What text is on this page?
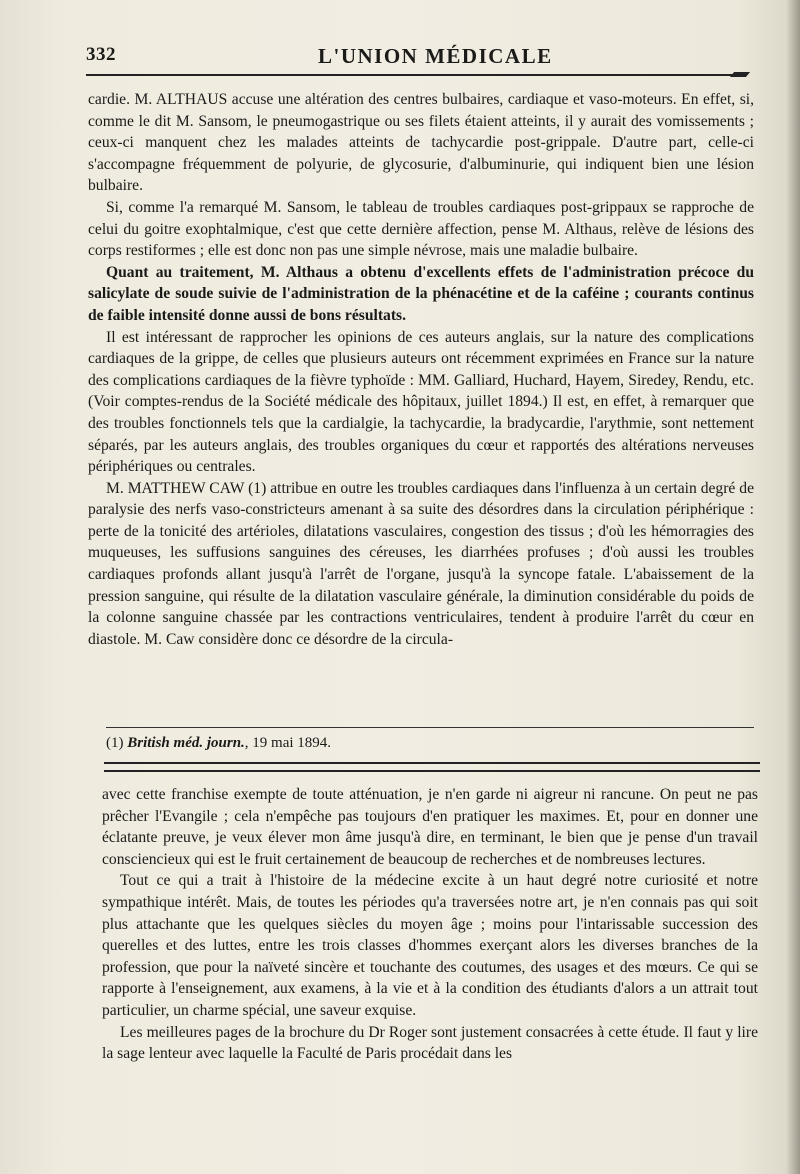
332	L'UNION MÉDICALE

cardie. M. ALTHAUS accuse une altération des centres bulbaires, cardiaque et vaso-moteurs. En effet, si, comme le dit M. Sansom, le pneumogastrique ou ses filets étaient atteints, il y aurait des vomissements ; ceux-ci manquent chez les malades atteints de tachycardie post-grippale. D'autre part, celle-ci s'accompagne fréquemment de polyurie, de glycosurie, d'albuminurie, qui indiquent bien une lésion bulbaire.

Si, comme l'a remarqué M. Sansom, le tableau de troubles cardiaques post-grippaux se rapproche de celui du goitre exophtalmique, c'est que cette dernière affection, pense M. Althaus, relève de lésions des corps restiformes ; elle est donc non pas une simple névrose, mais une maladie bulbaire.

Quant au traitement, M. Althaus a obtenu d'excellents effets de l'administration précoce du salicylate de soude suivie de l'administration de la phénacétine et de la caféine ; courants continus de faible intensité donne aussi de bons résultats.

Il est intéressant de rapprocher les opinions de ces auteurs anglais, sur la nature des complications cardiaques de la grippe, de celles que plusieurs auteurs ont récemment exprimées en France sur la nature des complications cardiaques de la fièvre typhoïde : MM. Galliard, Huchard, Hayem, Siredey, Rendu, etc. (Voir comptes-rendus de la Société médicale des hôpitaux, juillet 1894.) Il est, en effet, à remarquer que des troubles fonctionnels tels que la cardialgie, la tachycardie, la bradycardie, l'arythmie, sont nettement séparés, par les auteurs anglais, des troubles organiques du cœur et rapportés des altérations nerveuses périphériques ou centrales.

M. MATTHEW CAW (1) attribue en outre les troubles cardiaques dans l'influenza à un certain degré de paralysie des nerfs vaso-constricteurs amenant à sa suite des désordres dans la circulation périphérique : perte de la tonicité des artérioles, dilatations vasculaires, congestion des tissus ; d'où les hémorragies des muqueuses, les suffusions sanguines des céreuses, les diarrhées profuses ; d'où aussi les troubles cardiaques profonds allant jusqu'à l'arrêt de l'organe, jusqu'à la syncope fatale. L'abaissement de la pression sanguine, qui résulte de la dilatation vasculaire générale, la diminution considérable du poids de la colonne sanguine chassée par les contractions ventriculaires, tendent à produire l'arrêt du cœur en diastole. M. Caw considère donc ce désordre de la circula-

(1) British méd. journ., 19 mai 1894.

avec cette franchise exempte de toute atténuation, je n'en garde ni aigreur ni rancune. On peut ne pas prêcher l'Evangile ; cela n'empêche pas toujours d'en pratiquer les maximes. Et, pour en donner une éclatante preuve, je veux élever mon âme jusqu'à dire, en terminant, le bien que je pense d'un travail consciencieux qui est le fruit certainement de beaucoup de recherches et de nombreuses lectures.

Tout ce qui a trait à l'histoire de la médecine excite à un haut degré notre curiosité et notre sympathique intérêt. Mais, de toutes les périodes qu'a traversées notre art, je n'en connais pas qui soit plus attachante que les quelques siècles du moyen âge ; moins pour l'intarissable succession des querelles et des luttes, entre les trois classes d'hommes exerçant alors les diverses branches de la profession, que pour la naïveté sincère et touchante des coutumes, des usages et des mœurs. Ce qui se rapporte à l'enseignement, aux examens, à la vie et à la condition des étudiants d'alors a un attrait tout particulier, un charme spécial, une saveur exquise.

Les meilleures pages de la brochure du Dr Roger sont justement consacrées à cette étude. Il faut y lire la sage lenteur avec laquelle la Faculté de Paris procédait dans les
